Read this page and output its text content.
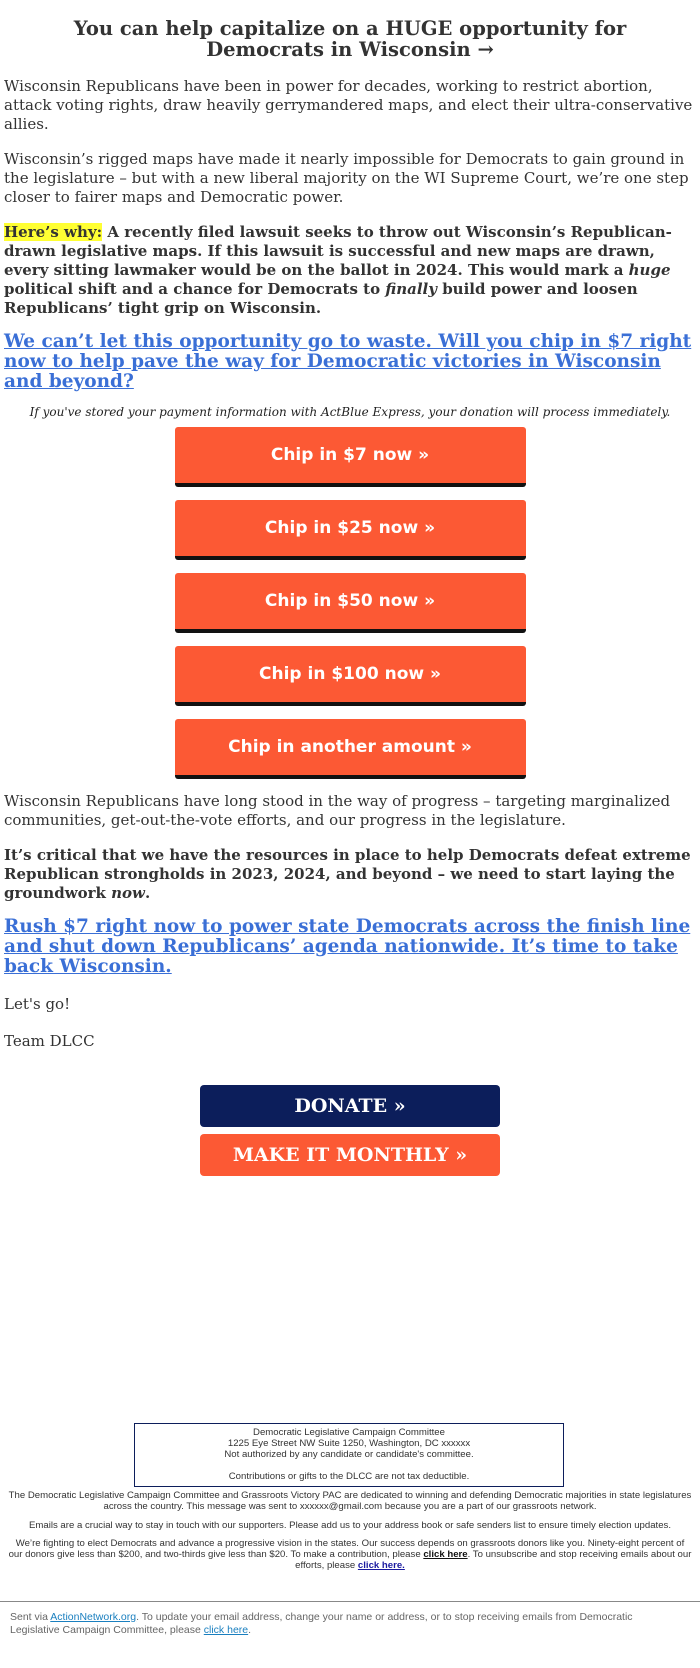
You can help capitalize on a HUGE opportunity for Democrats in Wisconsin →

Wisconsin Republicans have been in power for decades, working to restrict abortion, attack voting rights, draw heavily gerrymandered maps, and elect their ultra-conservative allies.

Wisconsin’s rigged maps have made it nearly impossible for Democrats to gain ground in the legislature – but with a new liberal majority on the WI Supreme Court, we’re one step closer to fairer maps and Democratic power.

Here’s why: A recently filed lawsuit seeks to throw out Wisconsin’s Republican-drawn legislative maps. If this lawsuit is successful and new maps are drawn, every sitting lawmaker would be on the ballot in 2024. This would mark a huge political shift and a chance for Democrats to finally build power and loosen Republicans’ tight grip on Wisconsin.

We can’t let this opportunity go to waste. Will you chip in $7 right now to help pave the way for Democratic victories in Wisconsin and beyond?
If you've stored your payment information with ActBlue Express, your donation will process immediately.
Chip in $7 now »
Chip in $25 now »
Chip in $50 now »
Chip in $100 now »
Chip in another amount »

Wisconsin Republicans have long stood in the way of progress – targeting marginalized communities, get-out-the-vote efforts, and our progress in the legislature.

It’s critical that we have the resources in place to help Democrats defeat extreme Republican strongholds in 2023, 2024, and beyond – we need to start laying the groundwork now.

Rush $7 right now to power state Democrats across the finish line and shut down Republicans’ agenda nationwide. It’s time to take back Wisconsin.

Let's go!

Team DLCC

DONATE »
MAKE IT MONTHLY »
Democratic Legislative Campaign Committee
1225 Eye Street NW Suite 1250, Washington, DC xxxxxx
Not authorized by any candidate or candidate's committee.
Contributions or gifts to the DLCC are not tax deductible.
The Democratic Legislative Campaign Committee and Grassroots Victory PAC are dedicated to winning and defending Democratic majorities in state legislatures across the country. This message was sent to xxxxxx@gmail.com because you are a part of our grassroots network.
Emails are a crucial way to stay in touch with our supporters. Please add us to your address book or safe senders list to ensure timely election updates.
We’re fighting to elect Democrats and advance a progressive vision in the states. Our success depends on grassroots donors like you. Ninety-eight percent of our donors give less than $200, and two-thirds give less than $20. To make a contribution, please click here. To unsubscribe and stop receiving emails about our efforts, please click here.
Sent via ActionNetwork.org. To update your email address, change your name or address, or to stop receiving emails from Democratic Legislative Campaign Committee, please click here.
